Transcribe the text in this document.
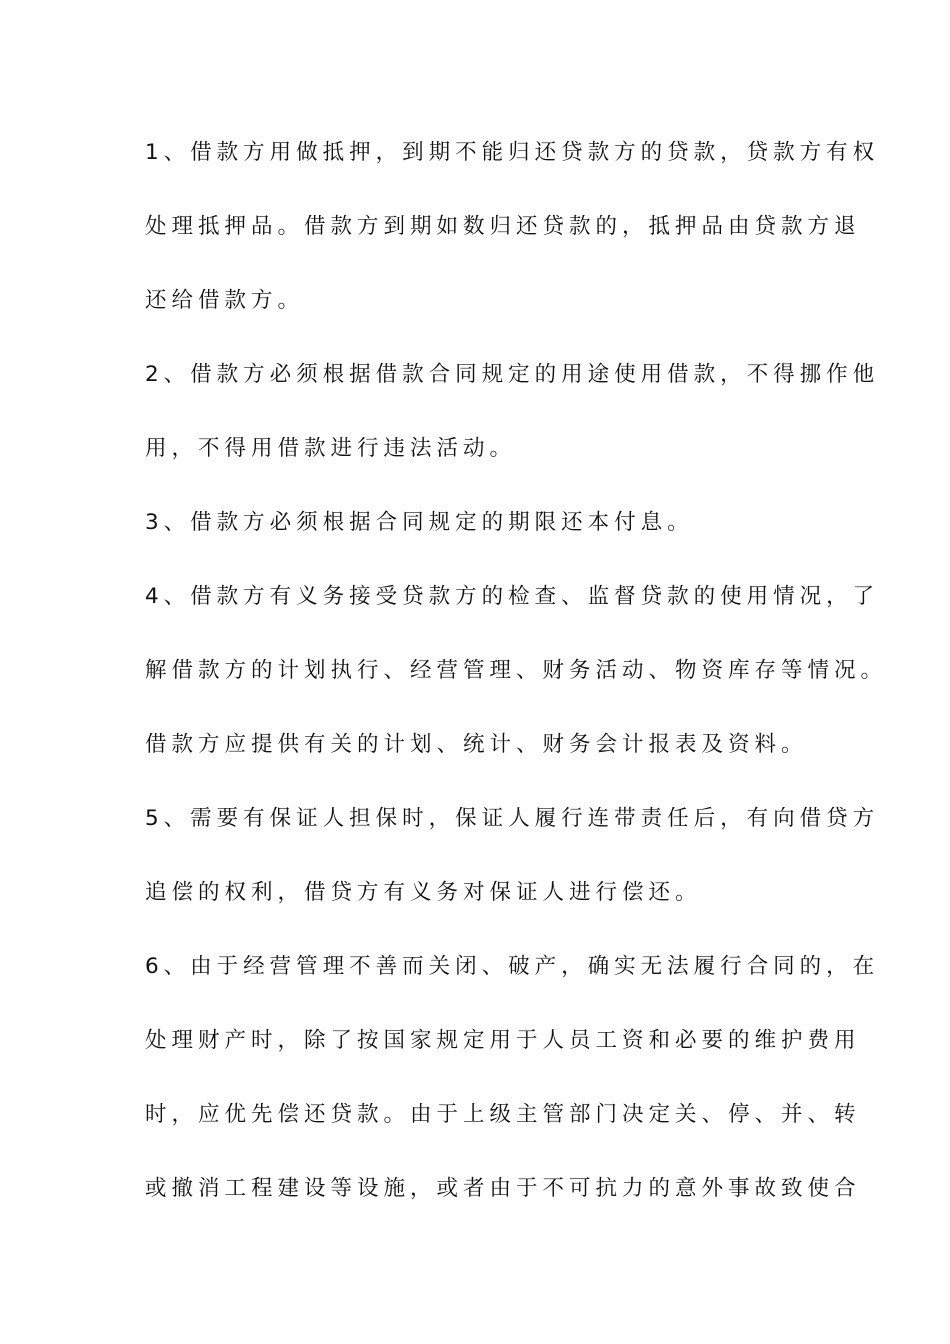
1、借款方用做抵押，到期不能归还贷款方的贷款，贷款方有权
处理抵押品。借款方到期如数归还贷款的，抵押品由贷款方退
还给借款方。
2、借款方必须根据借款合同规定的用途使用借款，不得挪作他
用，不得用借款进行违法活动。
3、借款方必须根据合同规定的期限还本付息。
4、借款方有义务接受贷款方的检查、监督贷款的使用情况，了
解借款方的计划执行、经营管理、财务活动、物资库存等情况。
借款方应提供有关的计划、统计、财务会计报表及资料。
5、需要有保证人担保时，保证人履行连带责任后，有向借贷方
追偿的权利，借贷方有义务对保证人进行偿还。
6、由于经营管理不善而关闭、破产，确实无法履行合同的，在
处理财产时，除了按国家规定用于人员工资和必要的维护费用
时，应优先偿还贷款。由于上级主管部门决定关、停、并、转
或撤消工程建设等设施，或者由于不可抗力的意外事故致使合
